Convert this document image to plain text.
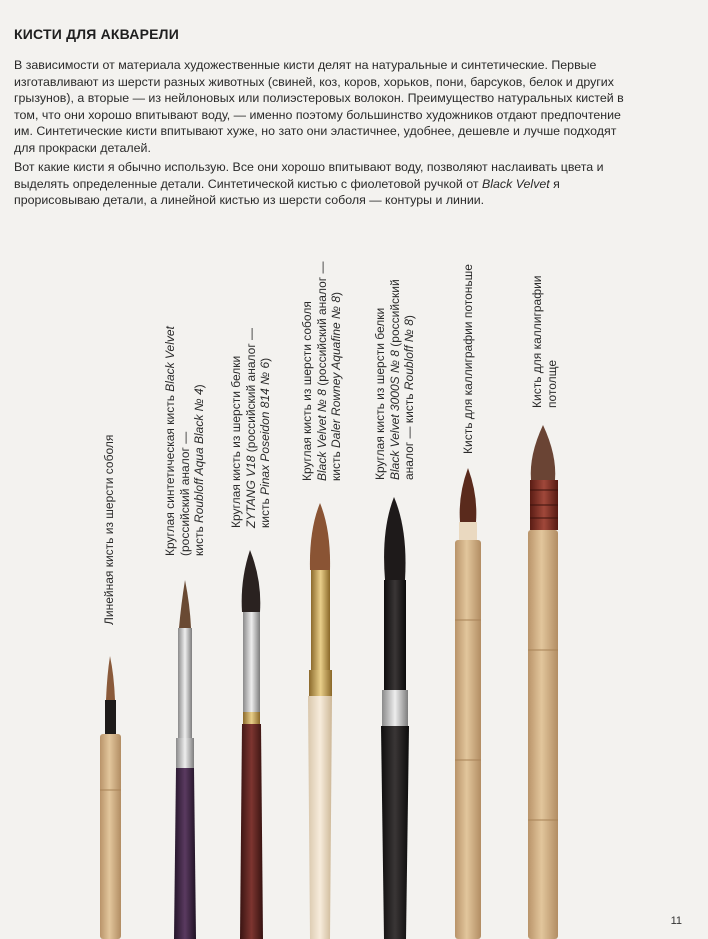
КИСТИ ДЛЯ АКВАРЕЛИ
В зависимости от материала художественные кисти делят на натуральные и синтетические. Первые изготавливают из шерсти разных животных (свиней, коз, коров, хорьков, пони, барсуков, белок и других грызунов), а вторые — из нейлоновых или полиэстеровых волокон. Преимущество натуральных кистей в том, что они хорошо впитывают воду, — именно поэтому большинство художников отдают предпочтение им. Синтетические кисти впитывают хуже, но зато они эластичнее, удобнее, дешевле и лучше подходят для прокраски деталей.
Вот какие кисти я обычно использую. Все они хорошо впитывают воду, позволяют наслаивать цвета и выделять определенные детали. Синтетической кистью с фиолетовой ручкой от Black Velvet я прорисовываю детали, а линейной кистью из шерсти соболя — контуры и линии.
Линейная кисть из шерсти соболя	Круглая синтетическая кисть Black Velvet
(российский аналог — кисть Roubloff Aqua Black № 4) Круглая кисть из шерсти белки ZYTANG V18 (российский аналог —
кисть Pinax Poseidon 814 № 6) Круглая кисть из шерсти соболя Black Velvet № 8 (российский аналог —
кисть Daler Rowney Aquafine № 8)
Круглая кисть из шерсти белки Black Velvet 3000S № 8 (российский
аналог — кисть Roubloff № 8)	Кисть для каллиграфии потоньше	Кисть для каллиграфии потолще
11
